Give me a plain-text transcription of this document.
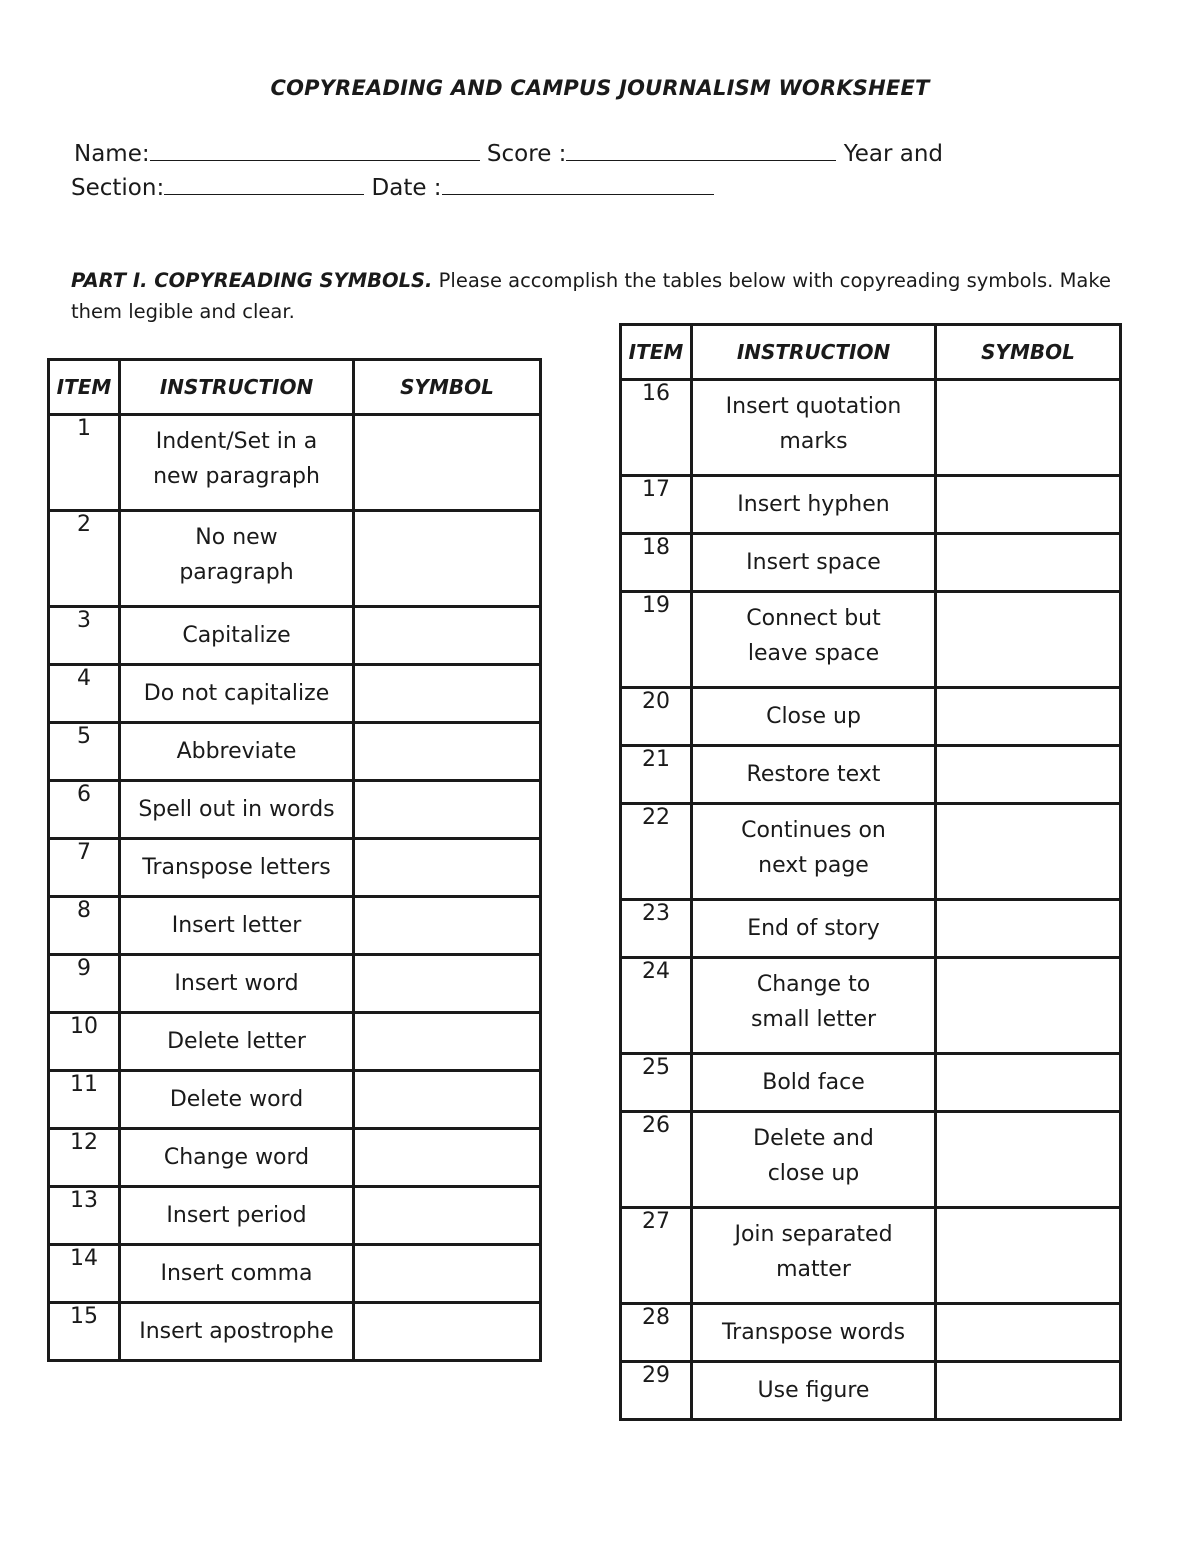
COPYREADING AND CAMPUS JOURNALISM WORKSHEET
Name:	Score :	Year and
Section:	Date :
PART I. COPYREADING SYMBOLS. Please accomplish the tables below with copyreading symbols. Make them legible and clear.
ITEM	INSTRUCTION	SYMBOL
1	Indent/Set in a
new paragraph	

2	No new
paragraph	

3	Capitalize	

4	Do not capitalize	

5	Abbreviate	

6	Spell out in words	

7	Transpose letters	

8	Insert letter	

9	Insert word	

10	Delete letter	

11	Delete word	

12	Change word	

13	Insert period	

14	Insert comma	

15	Insert apostrophe	

ITEM	INSTRUCTION	SYMBOL
16	Insert quotation
marks	

17	Insert hyphen	

18	Insert space	

19	Connect but
leave space	

20	Close up	

21	Restore text	

22	Continues on
next page	

23	End of story	

24	Change to
small letter	

25	Bold face	

26	Delete and
close up	

27	Join separated
matter	

28	Transpose words	

29	Use figure	
